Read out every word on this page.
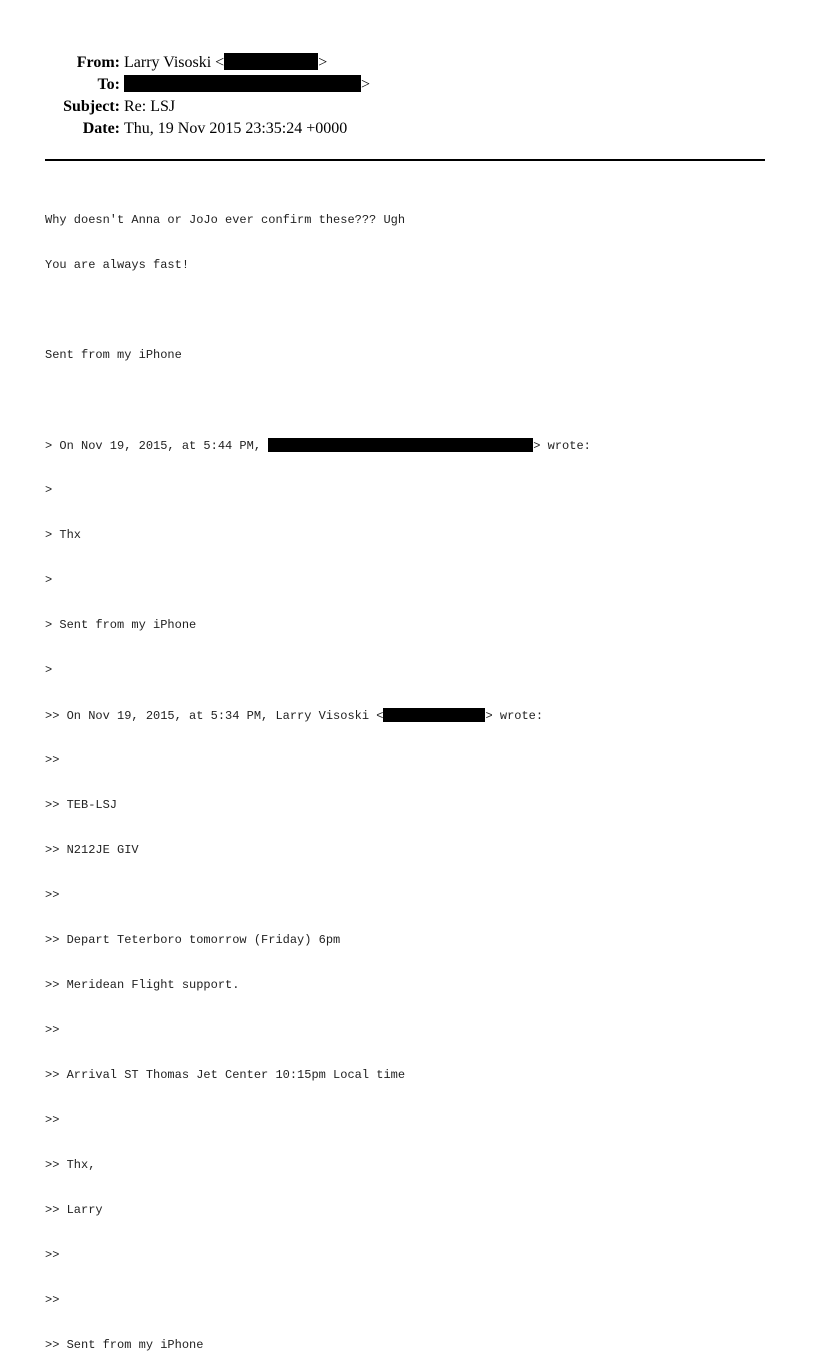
From: Larry Visoski <	>
To:	>
Subject: Re: LSJ
Date: Thu, 19 Nov 2015 23:35:24 +0000

Why doesn't Anna or JoJo ever confirm these??? Ugh

You are always fast!

Sent from my iPhone

> On Nov 19, 2015, at 5:44 PM,	> wrote:

>

> Thx

>

> Sent from my iPhone

>

>> On Nov 19, 2015, at 5:34 PM, Larry Visoski <	> wrote:

>>

>> TEB-LSJ

>> N212JE GIV

>>

>> Depart Teterboro tomorrow (Friday) 6pm

>> Meridean Flight support.

>>

>> Arrival ST Thomas Jet Center 10:15pm Local time

>>

>> Thx,

>> Larry

>>

>>

>> Sent from my iPhone
